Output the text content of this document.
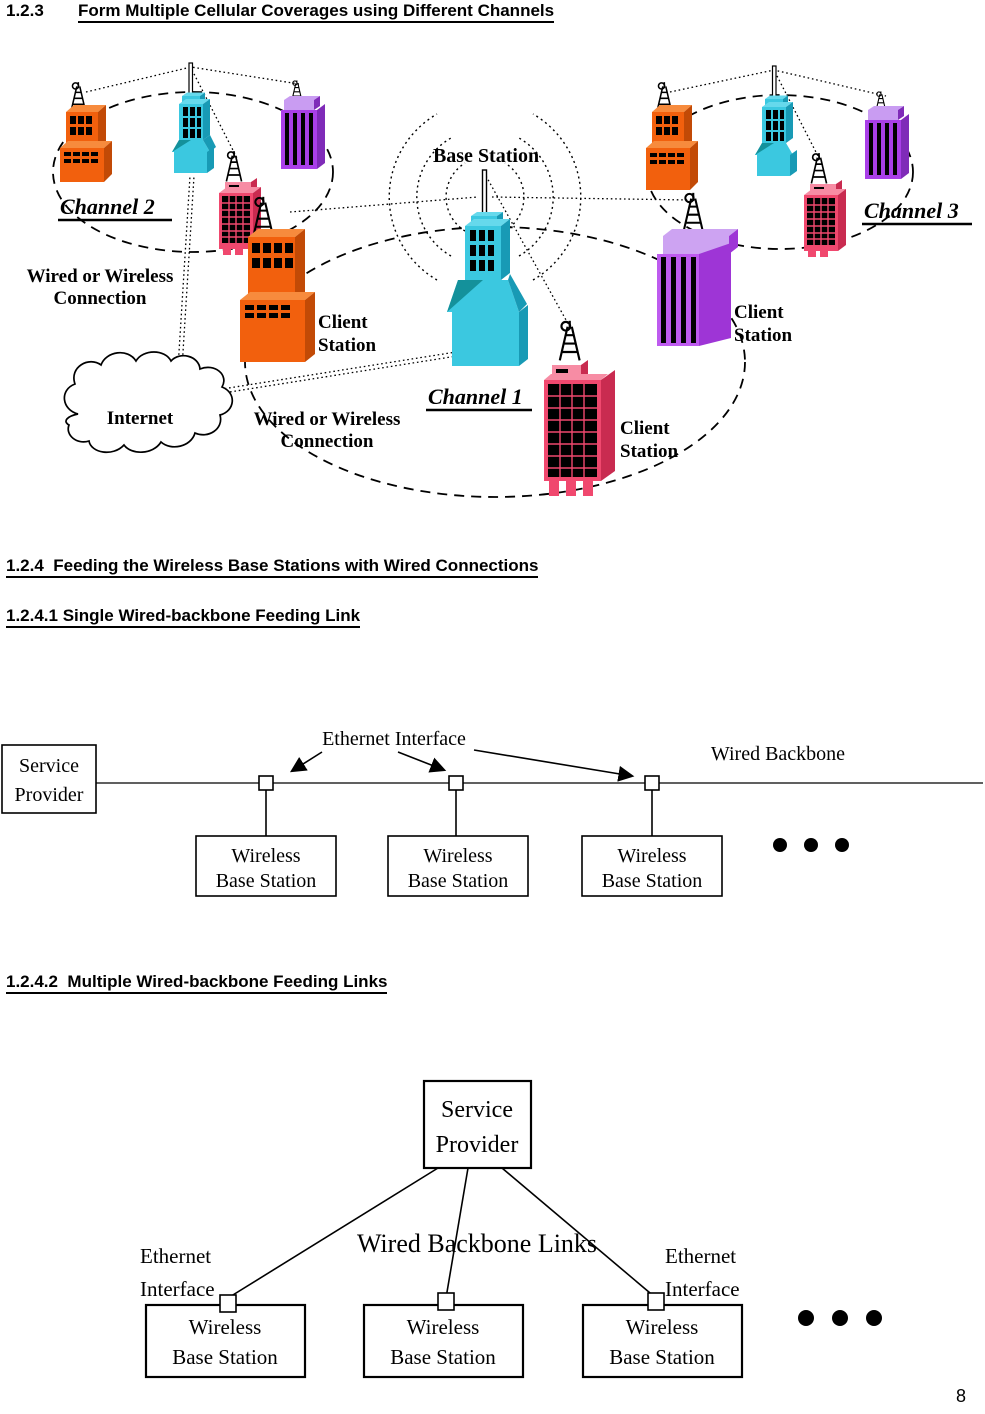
1.2.3 Form Multiple Cellular Coverages using Different Channels
Internet
Base Station
Channel 2	Channel 3
Channel 1
Wired or Wireless
Connection
Wired or Wireless
Connection
Client
Station
Client
Station
Client
Station
1.2.4  Feeding the Wireless Base Stations with Wired Connections
1.2.4.1 Single Wired-backbone Feeding Link
Service
Provider
Ethernet Interface
Wired Backbone
Wireless
Base Station
Wireless
Base Station
Wireless
Base Station
1.2.4.2  Multiple Wired-backbone Feeding Links
Service
Provider
Wired Backbone Links
Ethernet
Interface
Ethernet
Interface
Wireless
Base Station
Wireless
Base Station
Wireless
Base Station
8
